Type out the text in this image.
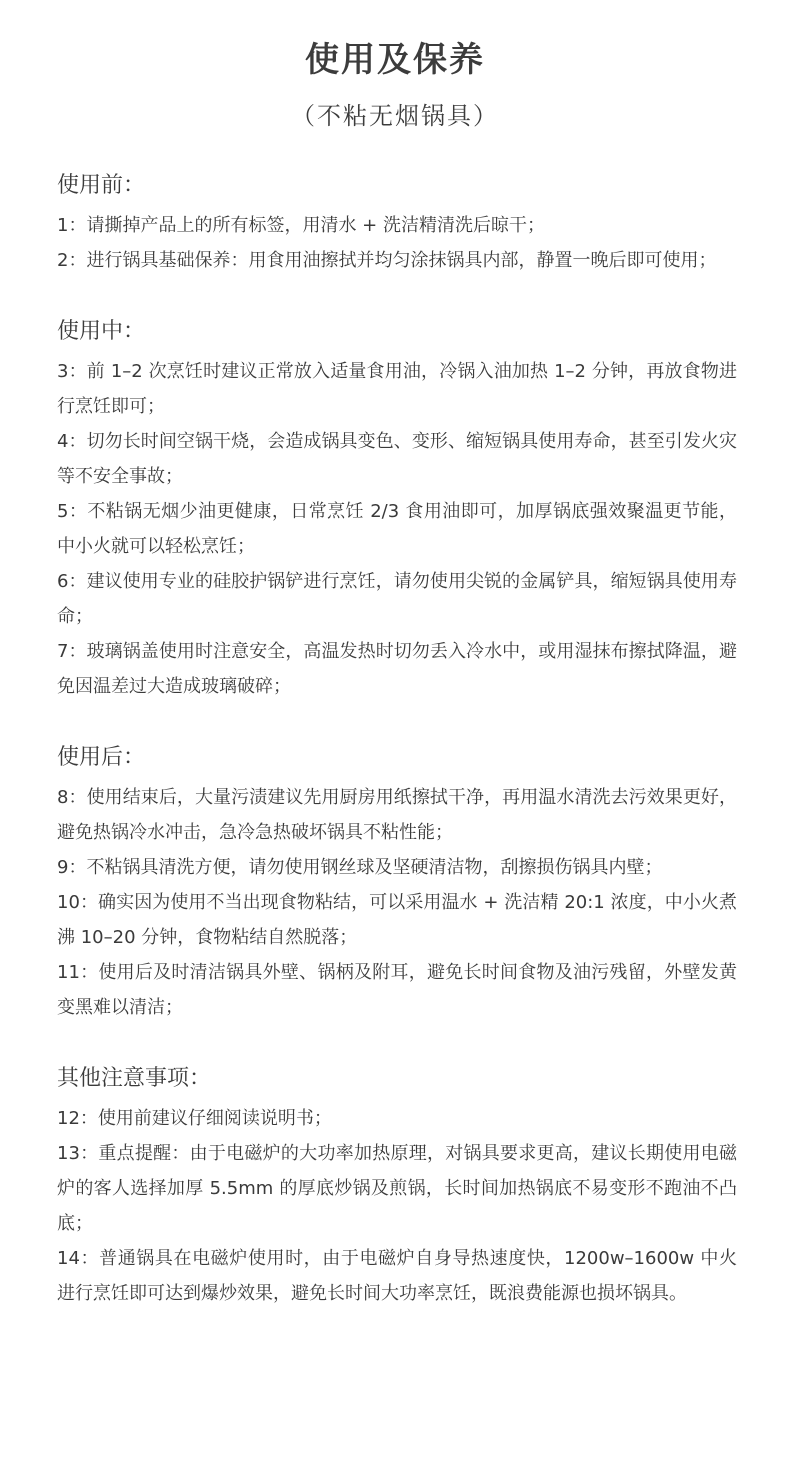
使用及保养
（不粘无烟锅具）
使用前：

1：请撕掉产品上的所有标签，用清水 + 洗洁精清洗后晾干；

2：进行锅具基础保养：用食用油擦拭并均匀涂抹锅具内部，静置一晚后即可使用；

使用中：

3：前 1–2 次烹饪时建议正常放入适量食用油，冷锅入油加热 1–2 分钟，再放食物进行烹饪即可；

4：切勿长时间空锅干烧，会造成锅具变色、变形、缩短锅具使用寿命，甚至引发火灾等不安全事故；

5：不粘锅无烟少油更健康，日常烹饪 2/3 食用油即可，加厚锅底强效聚温更节能，中小火就可以轻松烹饪；

6：建议使用专业的硅胶护锅铲进行烹饪，请勿使用尖锐的金属铲具，缩短锅具使用寿命；

7：玻璃锅盖使用时注意安全，高温发热时切勿丢入冷水中，或用湿抹布擦拭降温，避免因温差过大造成玻璃破碎；

使用后：

8：使用结束后，大量污渍建议先用厨房用纸擦拭干净，再用温水清洗去污效果更好，避免热锅冷水冲击，急冷急热破坏锅具不粘性能；

9：不粘锅具清洗方便，请勿使用钢丝球及坚硬清洁物，刮擦损伤锅具内壁；

10：确实因为使用不当出现食物粘结，可以采用温水 + 洗洁精 20:1 浓度，中小火煮沸 10–20 分钟，食物粘结自然脱落；

11：使用后及时清洁锅具外壁、锅柄及附耳，避免长时间食物及油污残留，外壁发黄变黑难以清洁；

其他注意事项：

12：使用前建议仔细阅读说明书；

13：重点提醒：由于电磁炉的大功率加热原理，对锅具要求更高，建议长期使用电磁炉的客人选择加厚 5.5mm 的厚底炒锅及煎锅，长时间加热锅底不易变形不跑油不凸底；

14：普通锅具在电磁炉使用时，由于电磁炉自身导热速度快，1200w–1600w 中火进行烹饪即可达到爆炒效果，避免长时间大功率烹饪，既浪费能源也损坏锅具。
